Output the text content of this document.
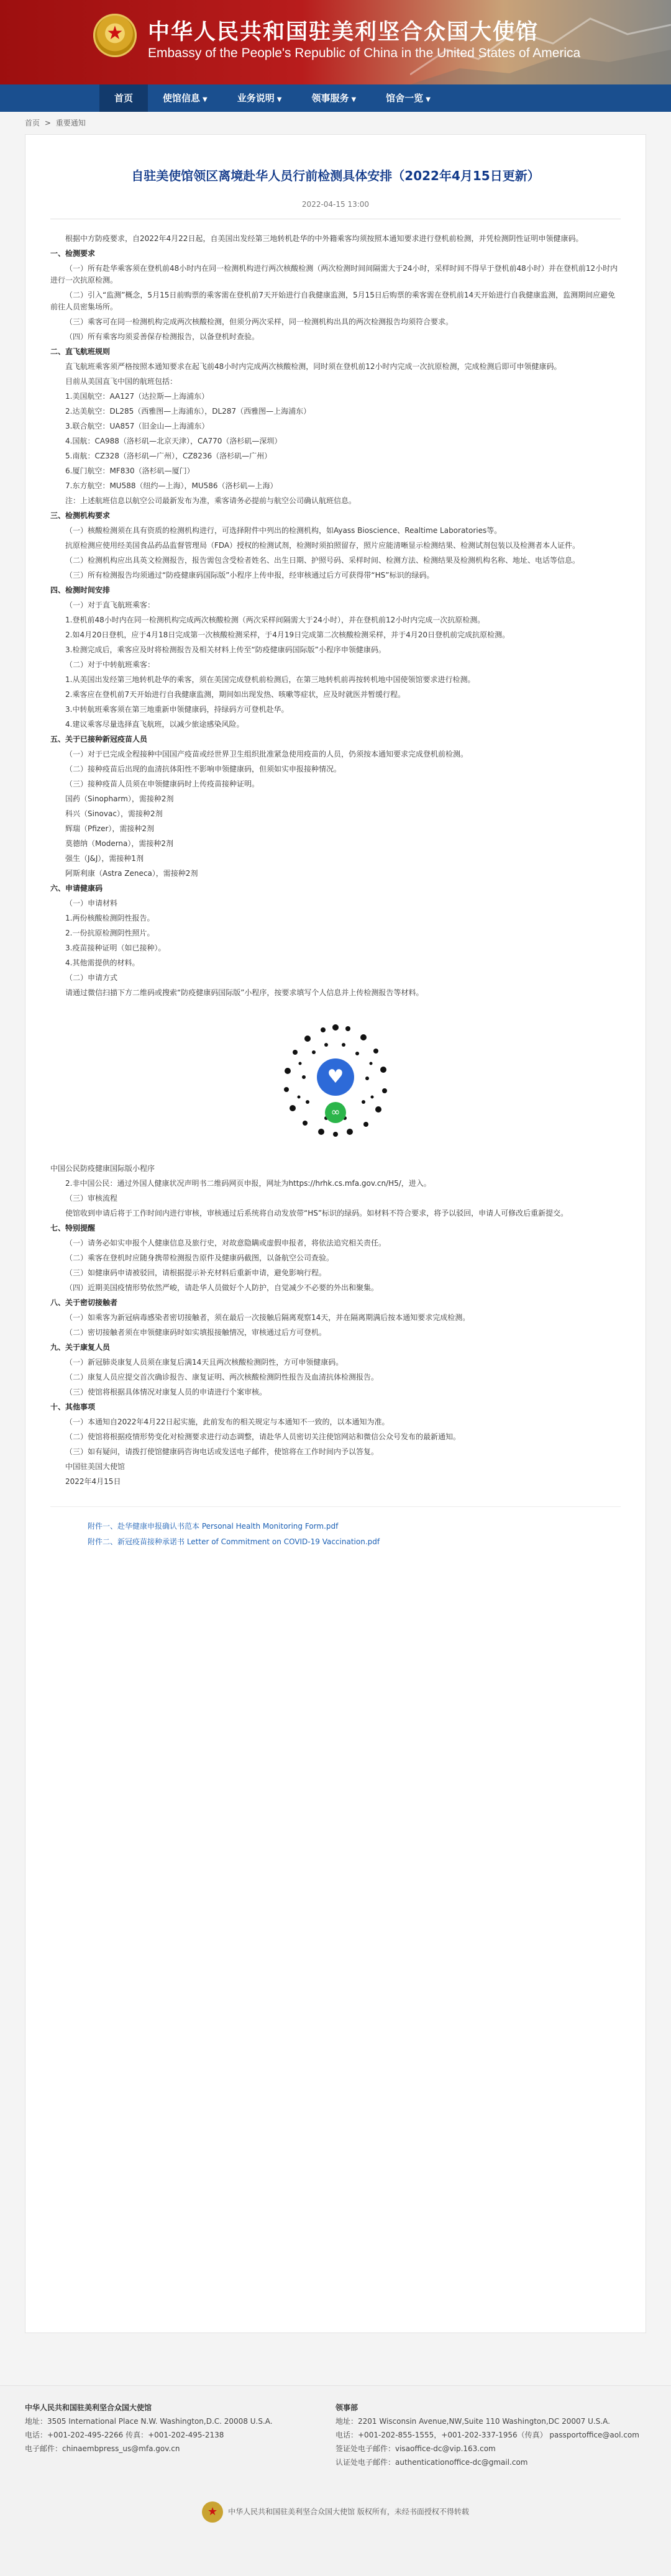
★
中华人民共和国驻美利坚合众国大使馆
Embassy of the People's Republic of China in the United States of America
首页	使馆信息 ▼	业务说明 ▼	领事服务 ▼	馆舍一览 ▼
首页 > 重要通知
自驻美使馆领区离境赴华人员行前检测具体安排（2022年4月15日更新）
2022-04-15 13:00

根据中方防疫要求，自2022年4月22日起，自美国出发经第三地转机赴华的中外籍乘客均须按照本通知要求进行登机前检测，并凭检测阴性证明申领健康码。

一、检测要求

（一）所有赴华乘客须在登机前48小时内在同一检测机构进行两次核酸检测（两次检测时间间隔需大于24小时，采样时间不得早于登机前48小时）并在登机前12小时内进行一次抗原检测。

（二）引入“监测”概念，5月15日前购票的乘客需在登机前7天开始进行自我健康监测，5月15日后购票的乘客需在登机前14天开始进行自我健康监测，监测期间应避免前往人员密集场所。

（三）乘客可在同一检测机构完成两次核酸检测，但须分两次采样，同一检测机构出具的两次检测报告均须符合要求。

（四）所有乘客均须妥善保存检测报告，以备登机时查验。

二、直飞航班规则

直飞航班乘客须严格按照本通知要求在起飞前48小时内完成两次核酸检测，同时须在登机前12小时内完成一次抗原检测，完成检测后即可申领健康码。

目前从美国直飞中国的航班包括：

1.美国航空：AA127（达拉斯—上海浦东）

2.达美航空：DL285（西雅图—上海浦东），DL287（西雅图—上海浦东）

3.联合航空：UA857（旧金山—上海浦东）

4.国航：CA988（洛杉矶—北京天津），CA770（洛杉矶—深圳）

5.南航：CZ328（洛杉矶—广州），CZ8236（洛杉矶—广州）

6.厦门航空：MF830（洛杉矶—厦门）

7.东方航空：MU588（纽约—上海），MU586（洛杉矶—上海）

注：上述航班信息以航空公司最新发布为准，乘客请务必提前与航空公司确认航班信息。

三、检测机构要求

（一）核酸检测须在具有资质的检测机构进行，可选择附件中列出的检测机构，如Ayass Bioscience、Realtime Laboratories等。

抗原检测应使用经美国食品药品监督管理局（FDA）授权的检测试剂，检测时须拍照留存，照片应能清晰显示检测结果、检测试剂包装以及检测者本人证件。

（二）检测机构应出具英文检测报告，报告需包含受检者姓名、出生日期、护照号码、采样时间、检测方法、检测结果及检测机构名称、地址、电话等信息。

（三）所有检测报告均须通过“防疫健康码国际版”小程序上传申报，经审核通过后方可获得带“HS”标识的绿码。

四、检测时间安排

（一）对于直飞航班乘客：

1.登机前48小时内在同一检测机构完成两次核酸检测（两次采样间隔需大于24小时），并在登机前12小时内完成一次抗原检测。

2.如4月20日登机，应于4月18日完成第一次核酸检测采样，于4月19日完成第二次核酸检测采样，并于4月20日登机前完成抗原检测。

3.检测完成后，乘客应及时将检测报告及相关材料上传至“防疫健康码国际版”小程序申领健康码。

（二）对于中转航班乘客：

1.从美国出发经第三地转机赴华的乘客，须在美国完成登机前检测后，在第三地转机前再按转机地中国使领馆要求进行检测。

2.乘客应在登机前7天开始进行自我健康监测，期间如出现发热、咳嗽等症状，应及时就医并暂缓行程。

3.中转航班乘客须在第三地重新申领健康码，持绿码方可登机赴华。

4.建议乘客尽量选择直飞航班，以减少旅途感染风险。

五、关于已接种新冠疫苗人员

（一）对于已完成全程接种中国国产疫苗或经世界卫生组织批准紧急使用疫苗的人员，仍须按本通知要求完成登机前检测。

（二）接种疫苗后出现的血清抗体阳性不影响申领健康码，但须如实申报接种情况。

（三）接种疫苗人员须在申领健康码时上传疫苗接种证明。

国药（Sinopharm），需接种2剂

科兴（Sinovac），需接种2剂

辉瑞（Pfizer），需接种2剂

莫德纳（Moderna），需接种2剂

强生（J&J），需接种1剂

阿斯利康（Astra Zeneca），需接种2剂

六、申请健康码

（一）申请材料

1.两份核酸检测阴性报告。

2.一份抗原检测阴性照片。

3.疫苗接种证明（如已接种）。

4.其他需提供的材料。

（二）申请方式

请通过微信扫描下方二维码或搜索“防疫健康码国际版”小程序，按要求填写个人信息并上传检测报告等材料。

♥
∞

中国公民防疫健康国际版小程序

2.非中国公民：通过外国人健康状况声明书二维码网页申报，网址为https://hrhk.cs.mfa.gov.cn/H5/，进入。

（三）审核流程

使馆收到申请后将于工作时间内进行审核，审核通过后系统将自动发放带“HS”标识的绿码。如材料不符合要求，将予以驳回，申请人可修改后重新提交。

七、特别提醒

（一）请务必如实申报个人健康信息及旅行史，对故意隐瞒或虚假申报者，将依法追究相关责任。

（二）乘客在登机时应随身携带检测报告原件及健康码截图，以备航空公司查验。

（三）如健康码申请被驳回，请根据提示补充材料后重新申请，避免影响行程。

（四）近期美国疫情形势依然严峻，请赴华人员做好个人防护，自觉减少不必要的外出和聚集。

八、关于密切接触者

（一）如乘客为新冠病毒感染者密切接触者，须在最后一次接触后隔离观察14天，并在隔离期满后按本通知要求完成检测。

（二）密切接触者须在申领健康码时如实填报接触情况，审核通过后方可登机。

九、关于康复人员

（一）新冠肺炎康复人员须在康复后满14天且两次核酸检测阴性，方可申领健康码。

（二）康复人员应提交首次确诊报告、康复证明、两次核酸检测阴性报告及血清抗体检测报告。

（三）使馆将根据具体情况对康复人员的申请进行个案审核。

十、其他事项

（一）本通知自2022年4月22日起实施，此前发布的相关规定与本通知不一致的，以本通知为准。

（二）使馆将根据疫情形势变化对检测要求进行动态调整，请赴华人员密切关注使馆网站和微信公众号发布的最新通知。

（三）如有疑问，请拨打使馆健康码咨询电话或发送电子邮件，使馆将在工作时间内予以答复。

中国驻美国大使馆

2022年4月15日

附件一、赴华健康申报确认书范本 Personal Health Monitoring Form.pdf
附件二、新冠疫苗接种承诺书 Letter of Commitment on COVID-19 Vaccination.pdf
中华人民共和国驻美利坚合众国大使馆
地址：3505 International Place N.W. Washington,D.C. 20008 U.S.A.
电话：+001-202-495-2266 传真：+001-202-495-2138
电子邮件：chinaembpress_us@mfa.gov.cn
领事部
地址：2201 Wisconsin Avenue,NW,Suite 110 Washington,DC 20007 U.S.A.
电话：+001-202-855-1555，+001-202-337-1956（传真） passportoffice@aol.com
签证处电子邮件：visaoffice-dc@vip.163.com
认证处电子邮件：authenticationoffice-dc@gmail.com
★ 中华人民共和国驻美利坚合众国大使馆 版权所有，未经书面授权不得转载
